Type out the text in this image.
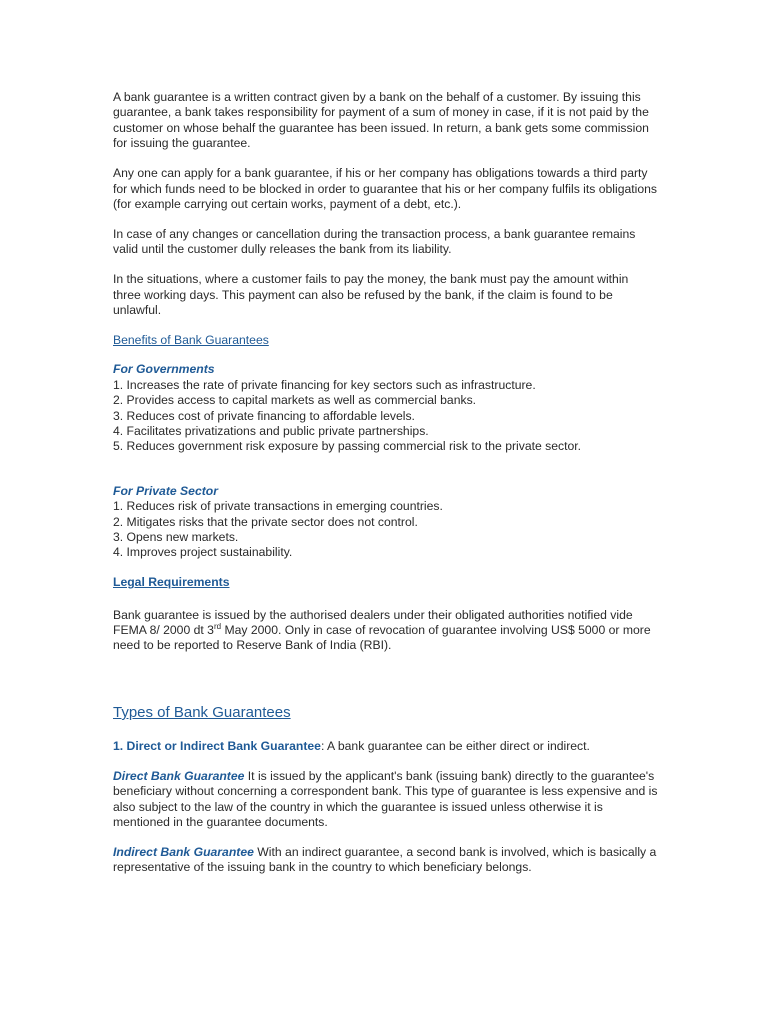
A bank guarantee is a written contract given by a bank on the behalf of a customer. By issuing this guarantee, a bank takes responsibility for payment of a sum of money in case, if it is not paid by the customer on whose behalf the guarantee has been issued. In return, a bank gets some commission for issuing the guarantee.

Any one can apply for a bank guarantee, if his or her company has obligations towards a third party for which funds need to be blocked in order to guarantee that his or her company fulfils its obligations (for example carrying out certain works, payment of a debt, etc.).

In case of any changes or cancellation during the transaction process, a bank guarantee remains valid until the customer dully releases the bank from its liability.

In the situations, where a customer fails to pay the money, the bank must pay the amount within three working days. This payment can also be refused by the bank, if the claim is found to be unlawful.

Benefits of Bank Guarantees
For Governments
1. Increases the rate of private financing for key sectors such as infrastructure.
2. Provides access to capital markets as well as commercial banks.
3. Reduces cost of private financing to affordable levels.
4. Facilitates privatizations and public private partnerships.
5. Reduces government risk exposure by passing commercial risk to the private sector.
For Private Sector
1. Reduces risk of private transactions in emerging countries.
2. Mitigates risks that the private sector does not control.
3. Opens new markets.
4. Improves project sustainability.
Legal Requirements

Bank guarantee is issued by the authorised dealers under their obligated authorities notified vide FEMA 8/ 2000 dt 3rd May 2000. Only in case of revocation of guarantee involving US$ 5000 or more need to be reported to Reserve Bank of India (RBI).

Types of Bank Guarantees

1. Direct or Indirect Bank Guarantee: A bank guarantee can be either direct or indirect.

Direct Bank Guarantee It is issued by the applicant's bank (issuing bank) directly to the guarantee's beneficiary without concerning a correspondent bank. This type of guarantee is less expensive and is also subject to the law of the country in which the guarantee is issued unless otherwise it is mentioned in the guarantee documents.

Indirect Bank Guarantee With an indirect guarantee, a second bank is involved, which is basically a representative of the issuing bank in the country to which beneficiary belongs.
